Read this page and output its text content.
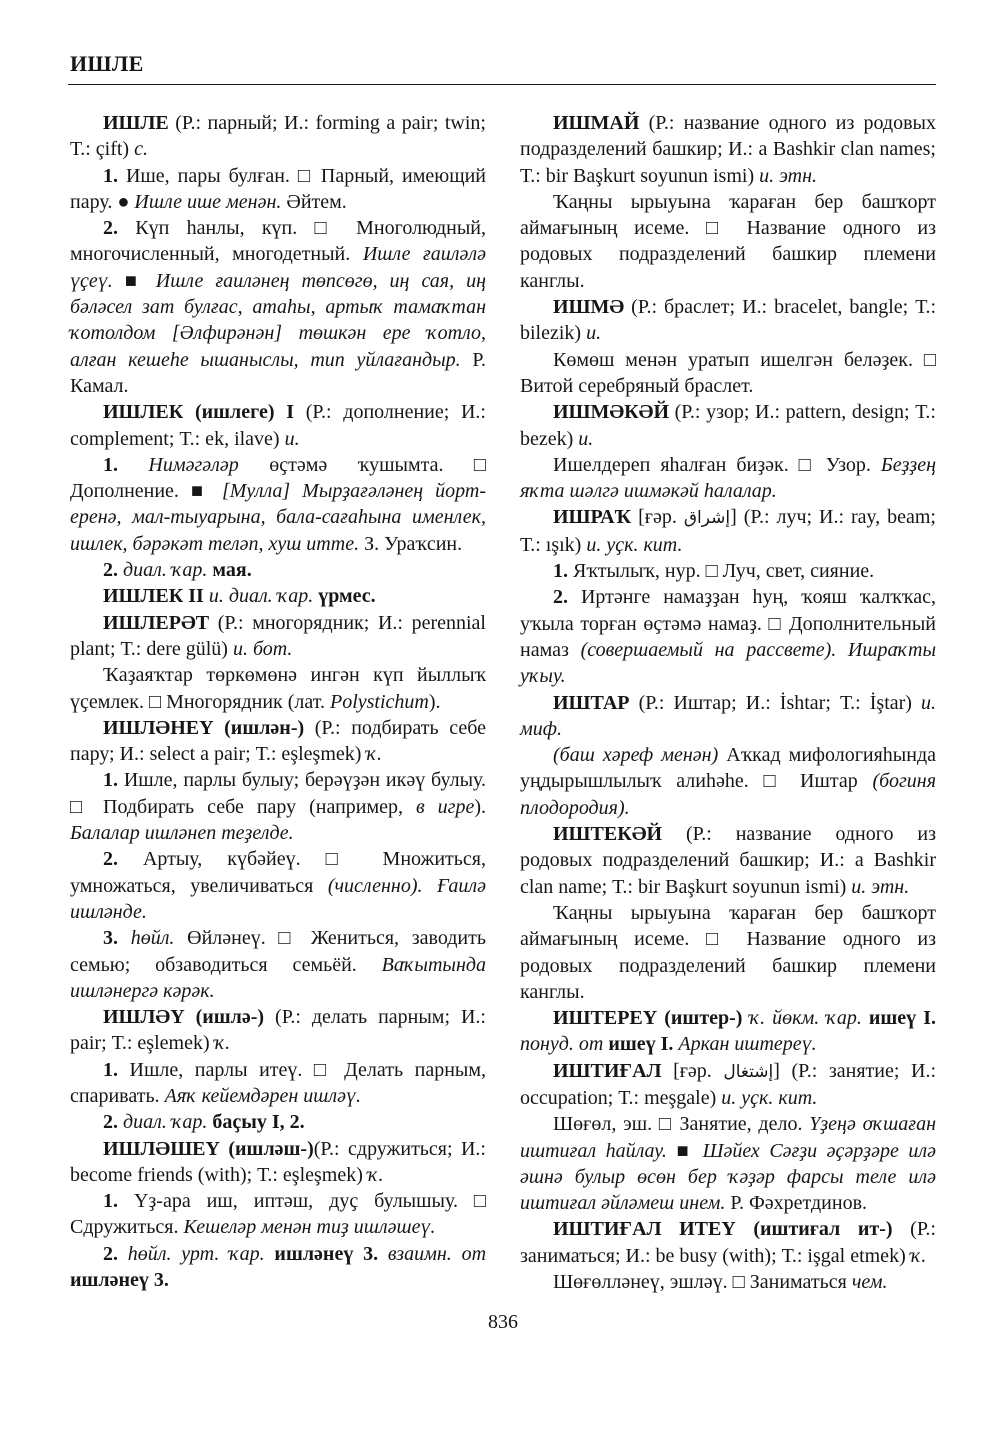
ИШЛЕ

ИШЛЕ (Р.: парный; И.: forming a pair; twin; Т.: çift) с.

1. Ише, пары булған. □ Парный, имеющий пару. ● Ишле ише менән. Әйтем.

2. Күп һанлы, күп. □ Многолюдный, многочисленный, многодетный. Ишле ғаиләлә үҫеү. ■ Ишле ғаиләнең төпсөгө, иң сая, иң бәләсел зат булғас, атаһы, артыҡ тамаҡтан ҡотолдом [Әлфирәнән] төшкән ере ҡотло, алған кешеһе ышаныслы, тип уйлағандыр. Р. Камал.

ИШЛЕК (ишлеге) I (Р.: дополнение; И.: complement; Т.: ek, ilave) и.

1. Нимәгәләр өҫтәмә ҡушымта. □ Дополнение. ■ [Мулла] Мырҙағәләнең йорт-еренә, мал-тыуарына, бала-сағаһына именлек, ишлек, бәрәкәт теләп, хуш итте. З. Ураҡсин.

2. диал. ҡар. мая.

ИШЛЕК II и. диал. ҡар. үрмес.

ИШЛЕРӘТ (Р.: многорядник; И.: perennial plant; Т.: dere gülü) и. бот.

Ҡаҙаяҡтар төркөмөнә ингән күп йыллыҡ үҫемлек. □ Многорядник (лат. Polystichum).

ИШЛӘНЕҮ (ишлән-) (Р.: подбирать себе пару; И.: select a pair; Т.: eşleşmek) ҡ.

1. Ишле, парлы булыу; берәүҙән икәү булыу. □ Подбирать себе пару (например, в игре). Балалар ишләнеп теҙелде.

2. Артыу, күбәйеү. □ Множиться, умножаться, увеличиваться (численно). Ғаилә ишләнде.

3. һөйл. Өйләнеү. □ Жениться, заводить семью; обзаводиться семьёй. Ваҡытында ишләнергә кәрәк.

ИШЛӘҮ (ишлә-) (Р.: делать парным; И.: pair; Т.: eşlemek) ҡ.

1. Ишле, парлы итеү. □ Делать парным, спаривать. Аяҡ кейемдәрен ишләү.

2. диал. ҡар. баҫыу I, 2.

ИШЛӘШЕҮ (ишләш-)(Р.: сдружиться; И.: become friends (with); Т.: eşleşmek) ҡ.

1. Үҙ-ара иш, иптәш, дуҫ булышыу. □ Сдружиться. Кешеләр менән тиҙ ишләшеү.

2. һөйл. урт. ҡар. ишләнеү 3. взаимн. от ишләнеү 3.

ИШМАЙ (Р.: название одного из родовых подразделений башкир; И.: a Bashkir clan names; Т.: bir Başkurt soyunun ismi) и. этн.

Ҡаңны ырыуына ҡараған бер башҡорт аймағының исеме. □ Название одного из родовых подразделений башкир племени канглы.

ИШМӘ (Р.: браслет; И.: bracelet, bangle; Т.: bilezik) и.

Көмөш менән уратып ишелгән беләҙек. □ Витой серебряный браслет.

ИШМӘКӘЙ (Р.: узор; И.: pattern, design; Т.: bezek) и.

Ишелдереп яһалған биҙәк. □ Узор. Беҙҙең яҡта шәлгә ишмәкәй һалалар.

ИШРАҠ [ғәр. إشراق] (Р.: луч; И.: ray, beam; Т.: ışık) и. уҫк. кит.

1. Яҡтылыҡ, нур. □ Луч, свет, сияние.

2. Иртәнге намаҙҙан һуң, ҡояш ҡалҡҡас, уҡыла торған өҫтәмә намаҙ. □ Дополнительный намаз (совершаемый на рассвете). Ишраҡты уҡыу.

ИШТАР (Р.: Иштар; И.: İshtar; Т.: İştar) и. миф.

(баш хәреф менән) Аҡкад мифологияһында уңдырышлылыҡ алиһәһе. □ Иштар (богиня плодородия).

ИШТЕКӘЙ (Р.: название одного из родовых подразделений башкир; И.: a Bashkir clan name; Т.: bir Başkurt soyunun ismi) и. этн.

Ҡаңны ырыуына ҡараған бер башҡорт аймағының исеме. □ Название одного из родовых подразделений башкир племени канглы.

ИШТЕРЕҮ (иштер-) ҡ. йөкм. ҡар. ишеү I. понуд. от ишеү I. Аркан иштереү.

ИШТИҒАЛ [ғәр. إشتغال] (Р.: занятие; И.: occupation; Т.: meşgale) и. уҫк. кит.

Шөғөл, эш. □ Занятие, дело. Үҙеңә оҡшаған иштиғал һайлау. ■ Шәйех Сәғҙи әҫәрҙәре илә әшнә булыр өсөн бер ҡәҙәр фарсы теле илә иштиғал әйләмеш инем. Р. Фәхретдинов.

ИШТИҒАЛ ИТЕҮ (иштиғал ит-) (Р.: заниматься; И.: be busy (with); Т.: işgal etmek) ҡ.

Шөғөлләнеү, эшләү. □ Заниматься чем.

836
